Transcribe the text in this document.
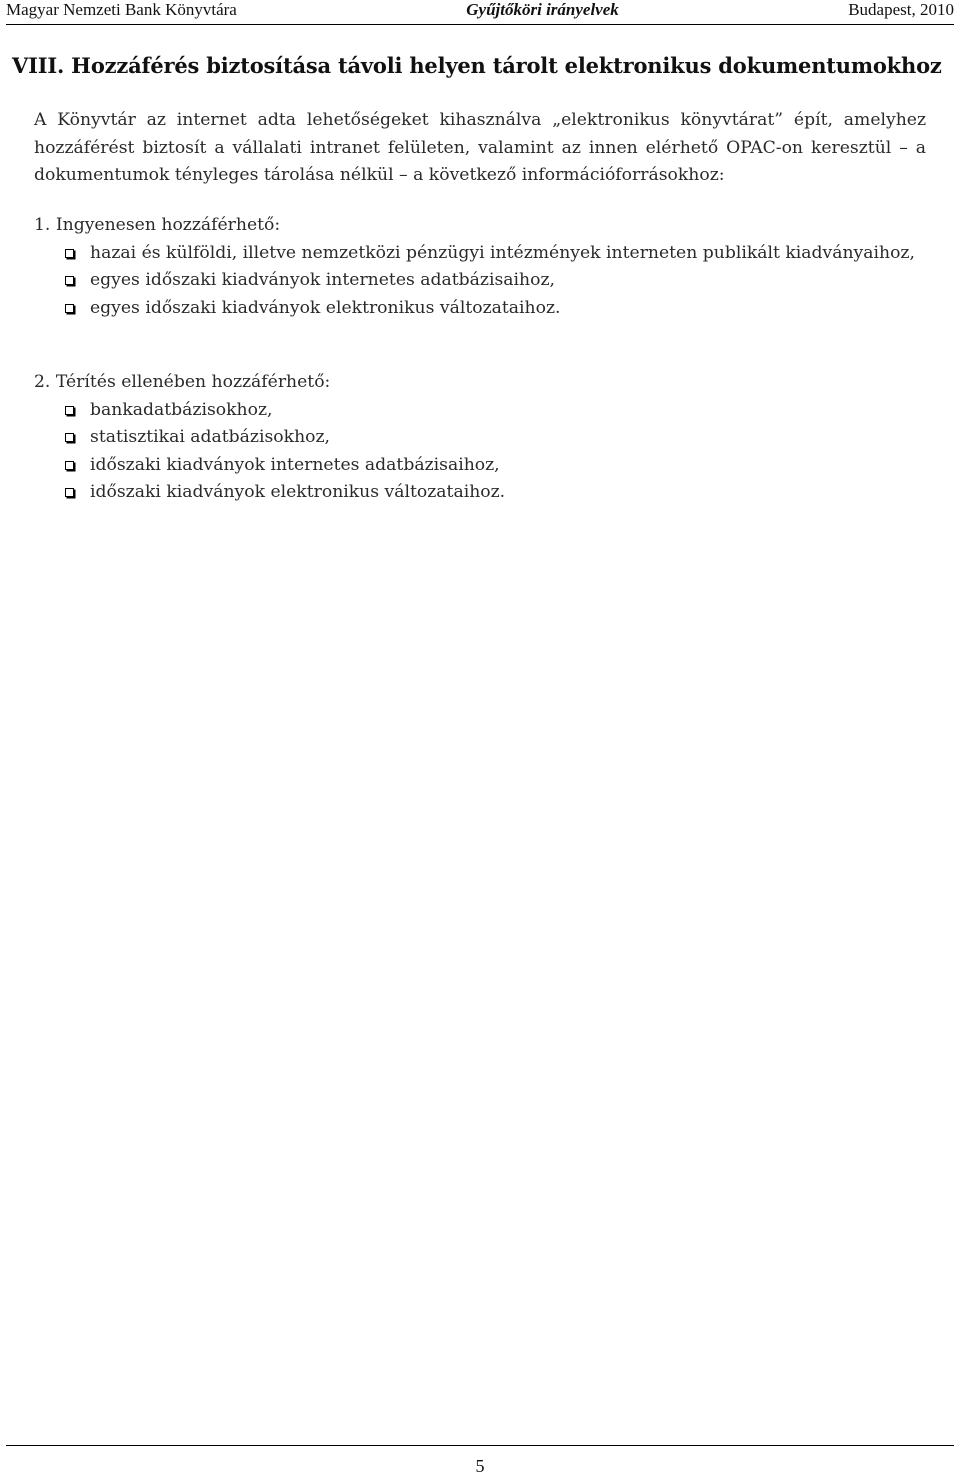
Magyar Nemzeti Bank Könyvtára	Gyűjtőköri irányelvek	Budapest, 2010
VIII. Hozzáférés biztosítása távoli helyen tárolt elektronikus dokumentumokhoz

A Könyvtár az internet adta lehetőségeket kihasználva „elektronikus könyvtárat” épít, amelyhez hozzáférést biztosít a vállalati intranet felületen, valamint az innen elérhető OPAC-on keresztül – a dokumentumok tényleges tárolása nélkül – a következő információforrásokhoz:

1. Ingyenesen hozzáférhető:

hazai és külföldi, illetve nemzetközi pénzügyi intézmények interneten publikált kiadványaihoz,
egyes időszaki kiadványok internetes adatbázisaihoz,
egyes időszaki kiadványok elektronikus változataihoz.

2. Térítés ellenében hozzáférhető:

bankadatbázisokhoz,
statisztikai adatbázisokhoz,
időszaki kiadványok internetes adatbázisaihoz,
időszaki kiadványok elektronikus változataihoz.
5
